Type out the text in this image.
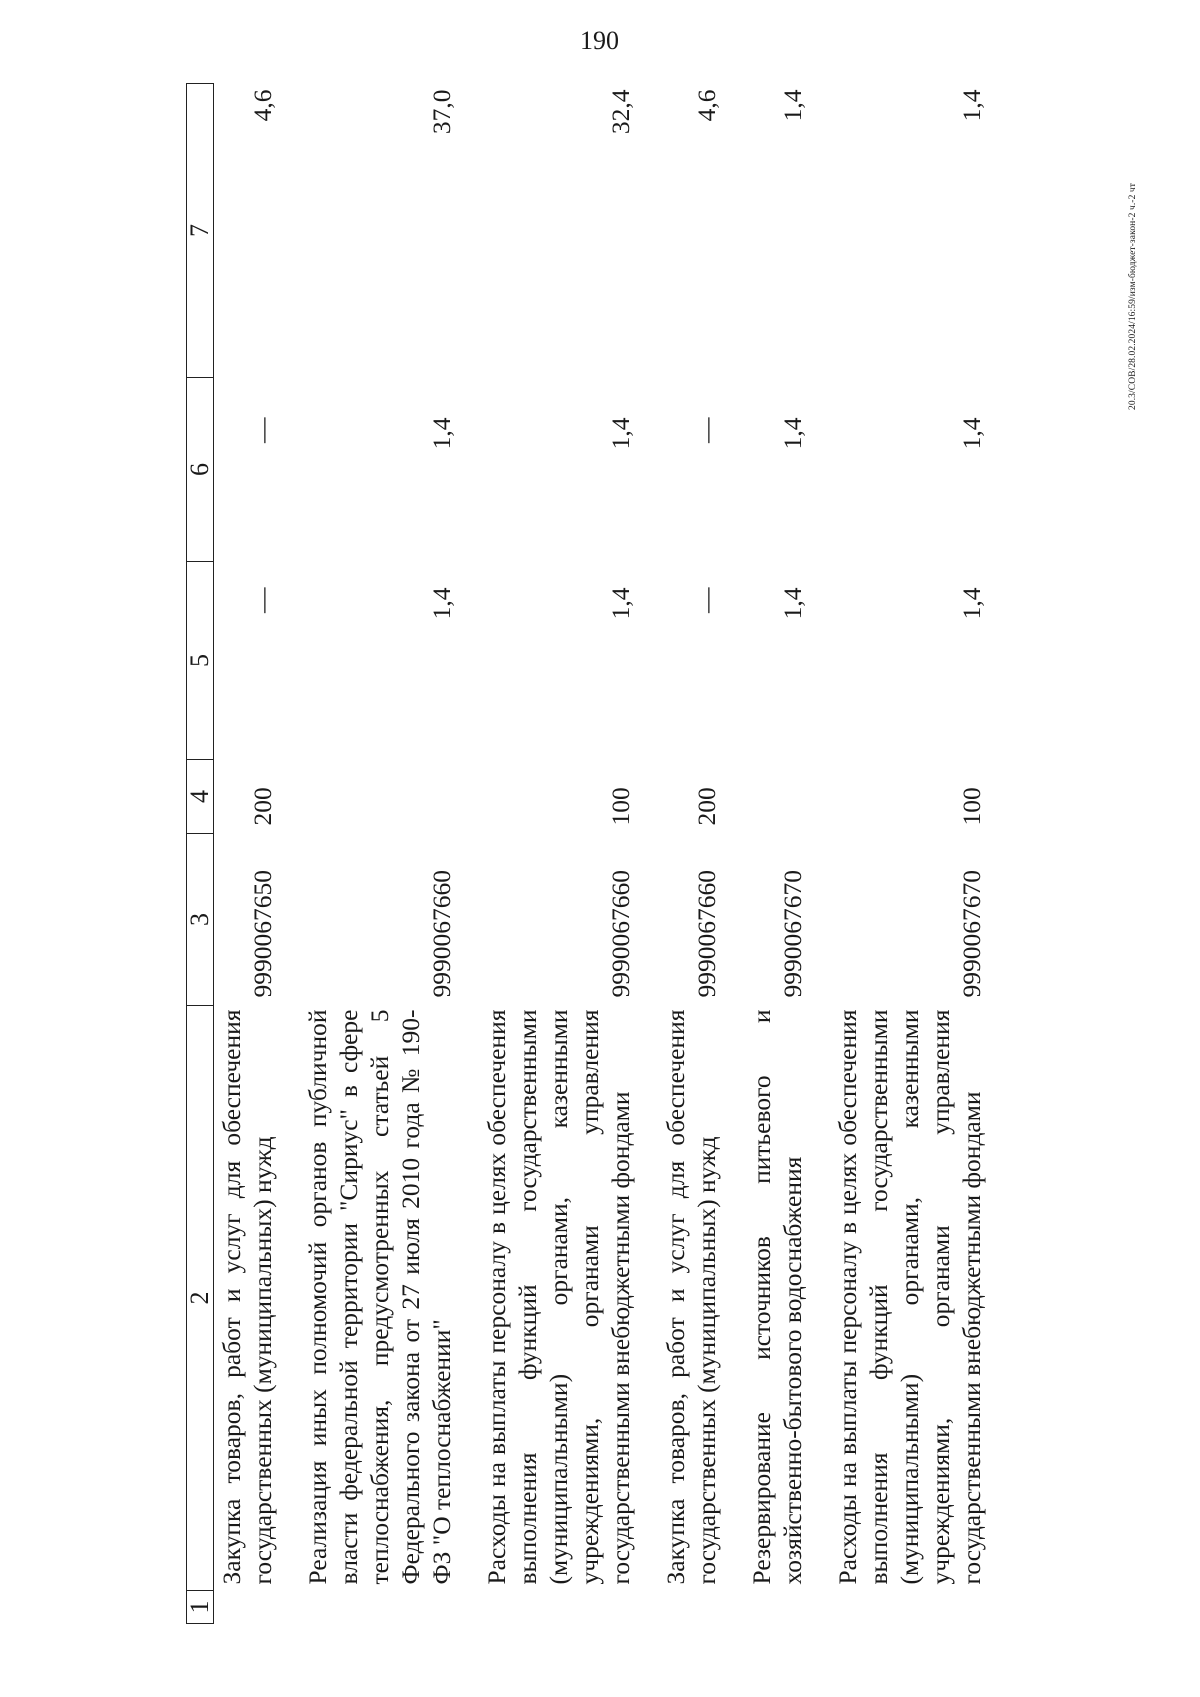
190
20.3/СОВ/28.02.2024/16:59/изм-бюджет-закон-2 ч.-2 чт
1	2	3	4	5	6	7
	Закупка товаров, работ и услуг для обеспечения государственных (муниципальных) нужд	9990067650	200	—	—	4,6
	Реализация иных полномочий органов публичной власти федеральной территории "Сириус" в сфере теплоснабжения, предусмотренных статьей 5 Федерального закона от 27 июля 2010 года № 190-ФЗ "О теплоснабжении"	9990067660		1,4	1,4	37,0
	Расходы на выплаты персоналу в целях обеспечения выполнения функций государственными (муниципальными) органами, казенными учреждениями, органами управления государственными внебюджетными фондами	9990067660	100	1,4	1,4	32,4
	Закупка товаров, работ и услуг для обеспечения государственных (муниципальных) нужд	9990067660	200	—	—	4,6
	Резервирование источников питьевого и хозяйственно-бытового водоснабжения	9990067670		1,4	1,4	1,4
	Расходы на выплаты персоналу в целях обеспечения выполнения функций государственными (муниципальными) органами, казенными учреждениями, органами управления государственными внебюджетными фондами	9990067670	100	1,4	1,4	1,4
